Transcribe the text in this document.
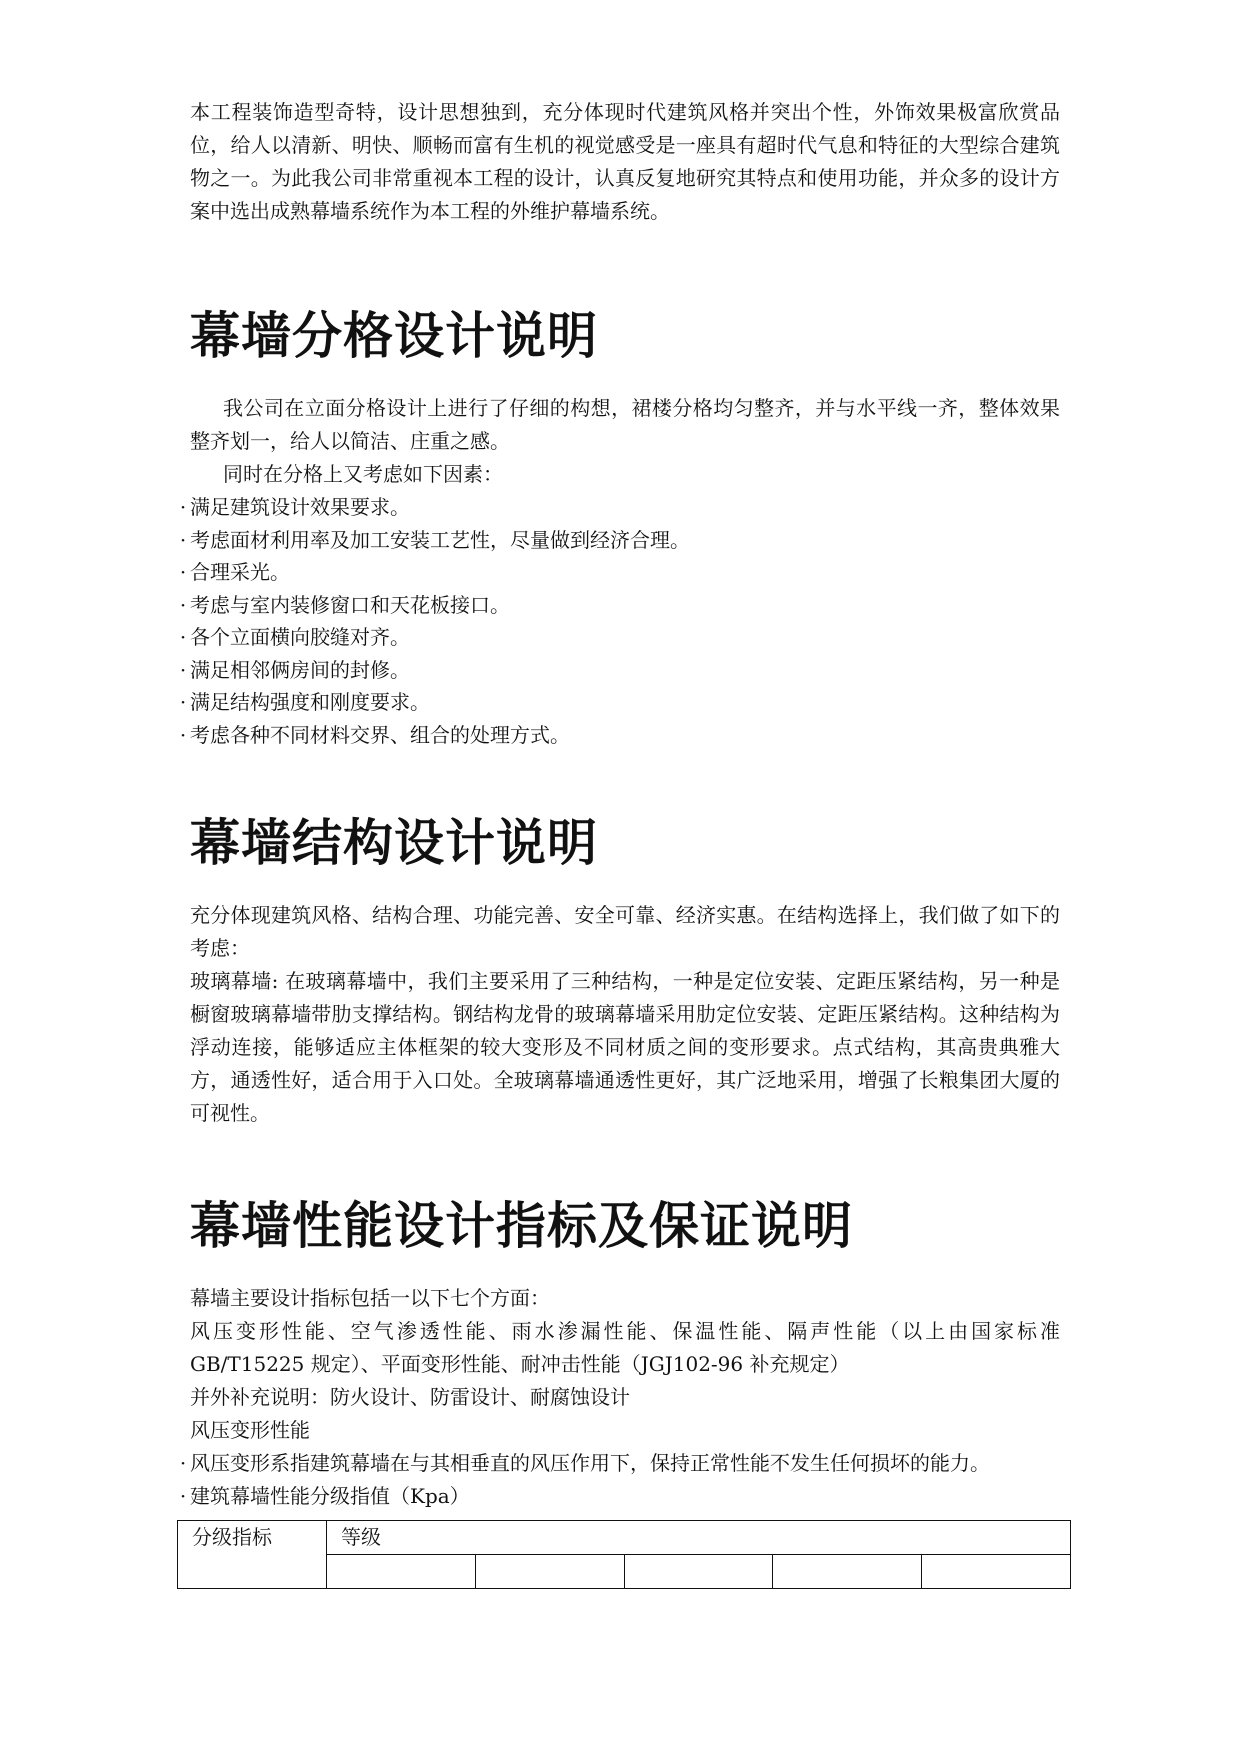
本工程装饰造型奇特，设计思想独到，充分体现时代建筑风格并突出个性，外饰效果极富欣赏品位，给人以清新、明快、顺畅而富有生机的视觉感受是一座具有超时代气息和特征的大型综合建筑物之一。为此我公司非常重视本工程的设计，认真反复地研究其特点和使用功能，并众多的设计方案中选出成熟幕墙系统作为本工程的外维护幕墙系统。

幕墙分格设计说明

我公司在立面分格设计上进行了仔细的构想，裙楼分格均匀整齐，并与水平线一齐，整体效果整齐划一，给人以简洁、庄重之感。

同时在分格上又考虑如下因素：

· 满足建筑设计效果要求。
· 考虑面材利用率及加工安装工艺性，尽量做到经济合理。
· 合理采光。
· 考虑与室内装修窗口和天花板接口。
· 各个立面横向胶缝对齐。
· 满足相邻俩房间的封修。
· 满足结构强度和刚度要求。
· 考虑各种不同材料交界、组合的处理方式。
幕墙结构设计说明

充分体现建筑风格、结构合理、功能完善、安全可靠、经济实惠。在结构选择上，我们做了如下的考虑：

玻璃幕墙: 在玻璃幕墙中，我们主要采用了三种结构，一种是定位安装、定距压紧结构，另一种是橱窗玻璃幕墙带肋支撑结构。钢结构龙骨的玻璃幕墙采用肋定位安装、定距压紧结构。这种结构为浮动连接，能够适应主体框架的较大变形及不同材质之间的变形要求。点式结构，其高贵典雅大方，通透性好，适合用于入口处。全玻璃幕墙通透性更好，其广泛地采用，增强了长粮集团大厦的可视性。

幕墙性能设计指标及保证说明

幕墙主要设计指标包括一以下七个方面：

风压变形性能、空气渗透性能、雨水渗漏性能、保温性能、隔声性能（以上由国家标准GB/T15225 规定）、平面变形性能、耐冲击性能（JGJ102-96 补充规定）

并外补充说明：防火设计、防雷设计、耐腐蚀设计

风压变形性能

· 风压变形系指建筑幕墙在与其相垂直的风压作用下，保持正常性能不发生任何损坏的能力。
· 建筑幕墙性能分级指值（Kpa）
分级指标	等级				
